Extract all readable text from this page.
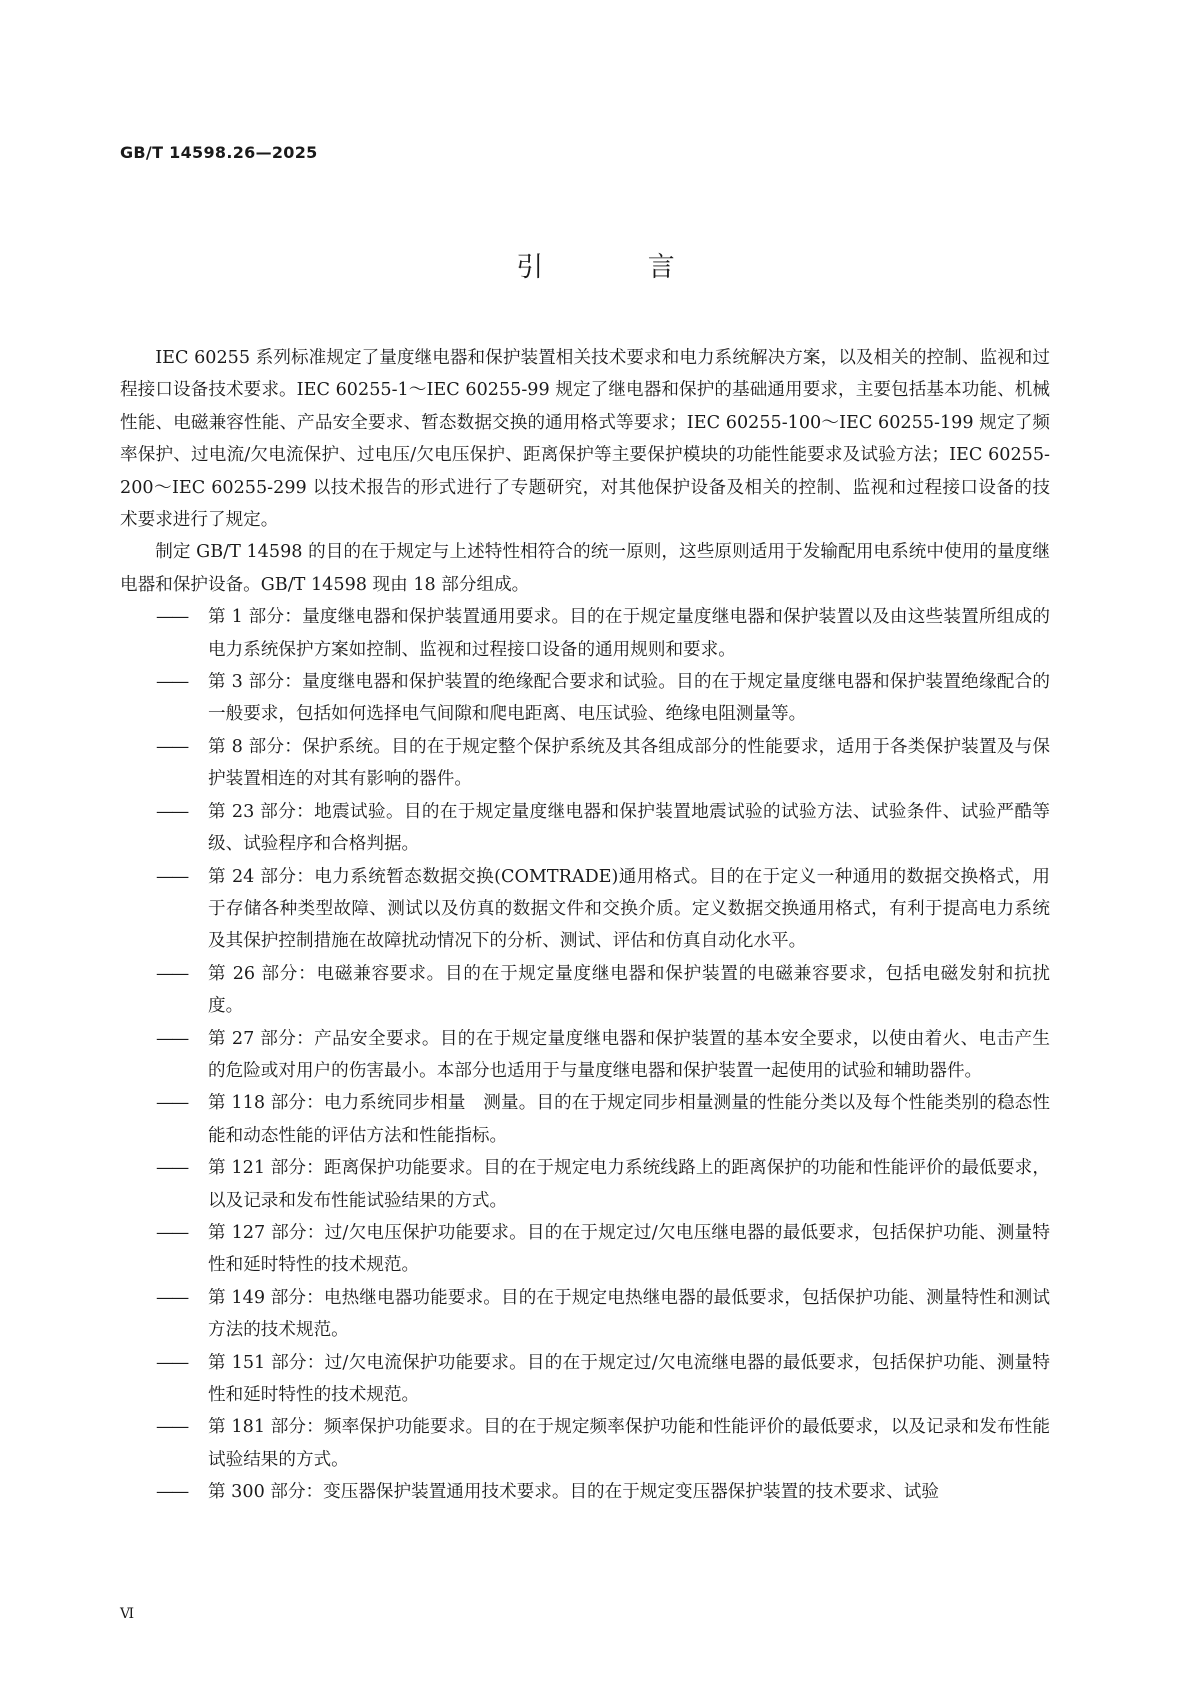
GB/T 14598.26—2025
引 言

IEC 60255 系列标准规定了量度继电器和保护装置相关技术要求和电力系统解决方案，以及相关的控制、监视和过程接口设备技术要求。IEC 60255-1～IEC 60255-99 规定了继电器和保护的基础通用要求，主要包括基本功能、机械性能、电磁兼容性能、产品安全要求、暂态数据交换的通用格式等要求；IEC 60255-100～IEC 60255-199 规定了频率保护、过电流/欠电流保护、过电压/欠电压保护、距离保护等主要保护模块的功能性能要求及试验方法；IEC 60255-200～IEC 60255-299 以技术报告的形式进行了专题研究，对其他保护设备及相关的控制、监视和过程接口设备的技术要求进行了规定。

制定 GB/T 14598 的目的在于规定与上述特性相符合的统一原则，这些原则适用于发输配用电系统中使用的量度继电器和保护设备。GB/T 14598 现由 18 部分组成。

——	第 1 部分：量度继电器和保护装置通用要求。目的在于规定量度继电器和保护装置以及由这些装置所组成的电力系统保护方案如控制、监视和过程接口设备的通用规则和要求。
——	第 3 部分：量度继电器和保护装置的绝缘配合要求和试验。目的在于规定量度继电器和保护装置绝缘配合的一般要求，包括如何选择电气间隙和爬电距离、电压试验、绝缘电阻测量等。
——	第 8 部分：保护系统。目的在于规定整个保护系统及其各组成部分的性能要求，适用于各类保护装置及与保护装置相连的对其有影响的器件。
——	第 23 部分：地震试验。目的在于规定量度继电器和保护装置地震试验的试验方法、试验条件、试验严酷等级、试验程序和合格判据。
——	第 24 部分：电力系统暂态数据交换(COMTRADE)通用格式。目的在于定义一种通用的数据交换格式，用于存储各种类型故障、测试以及仿真的数据文件和交换介质。定义数据交换通用格式，有利于提高电力系统及其保护控制措施在故障扰动情况下的分析、测试、评估和仿真自动化水平。
——	第 26 部分：电磁兼容要求。目的在于规定量度继电器和保护装置的电磁兼容要求，包括电磁发射和抗扰度。
——	第 27 部分：产品安全要求。目的在于规定量度继电器和保护装置的基本安全要求，以使由着火、电击产生的危险或对用户的伤害最小。本部分也适用于与量度继电器和保护装置一起使用的试验和辅助器件。
——	第 118 部分：电力系统同步相量　测量。目的在于规定同步相量测量的性能分类以及每个性能类别的稳态性能和动态性能的评估方法和性能指标。
——	第 121 部分：距离保护功能要求。目的在于规定电力系统线路上的距离保护的功能和性能评价的最低要求，以及记录和发布性能试验结果的方式。
——	第 127 部分：过/欠电压保护功能要求。目的在于规定过/欠电压继电器的最低要求，包括保护功能、测量特性和延时特性的技术规范。
——	第 149 部分：电热继电器功能要求。目的在于规定电热继电器的最低要求，包括保护功能、测量特性和测试方法的技术规范。
——	第 151 部分：过/欠电流保护功能要求。目的在于规定过/欠电流继电器的最低要求，包括保护功能、测量特性和延时特性的技术规范。
——	第 181 部分：频率保护功能要求。目的在于规定频率保护功能和性能评价的最低要求，以及记录和发布性能试验结果的方式。
——	第 300 部分：变压器保护装置通用技术要求。目的在于规定变压器保护装置的技术要求、试验
Ⅵ
